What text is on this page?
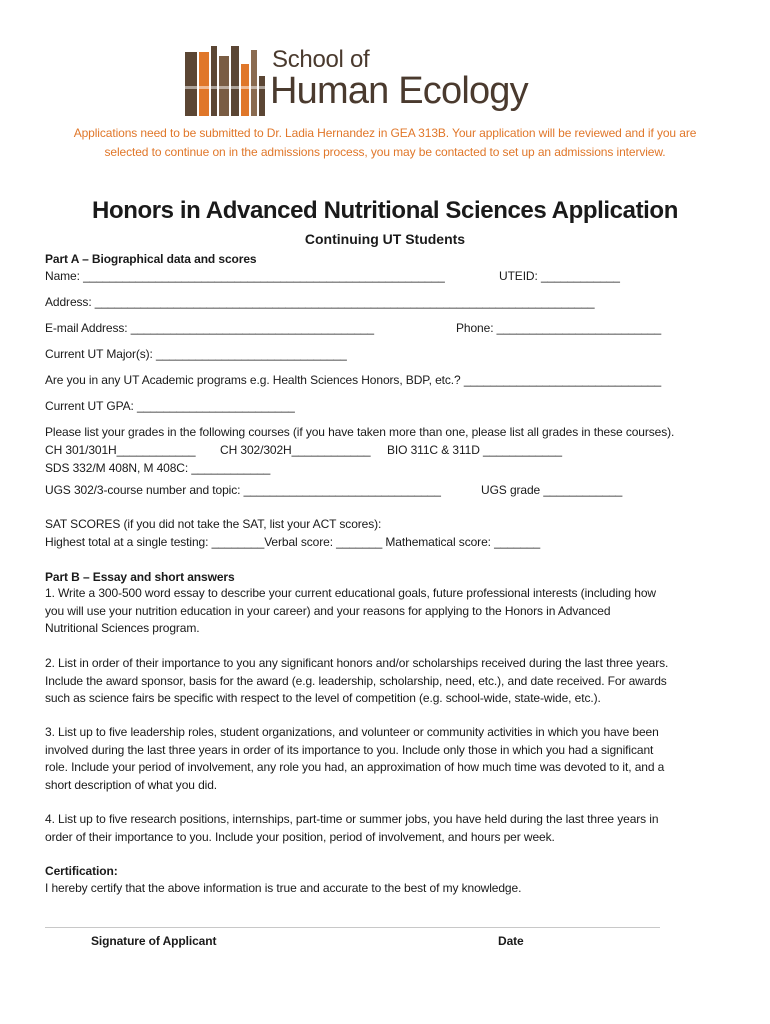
School of
Human Ecology
Applications need to be submitted to Dr. Ladia Hernandez in GEA 313B. Your application will be reviewed and if you are
selected to continue on in the admissions process, you may be contacted to set up an admissions interview.
Honors in Advanced Nutritional Sciences Application
Continuing UT Students
Part A – Biographical data and scores
Name: _______________________________________________________	UTEID: ____________
Address: ____________________________________________________________________________
E-mail Address: _____________________________________	Phone: _________________________
Current UT Major(s): _____________________________
Are you in any UT Academic programs e.g. Health Sciences Honors, BDP, etc.? ______________________________
Current UT GPA: ________________________
Please list your grades in the following courses (if you have taken more than one, please list all grades in these courses).
CH 301/301H____________ CH 302/302H____________ BIO 311C & 311D ____________
SDS 332/M 408N, M 408C: ____________
UGS 302/3-course number and topic: ______________________________	UGS grade ____________
SAT SCORES (if you did not take the SAT, list your ACT scores):
Highest total at a single testing: ________Verbal score: _______ Mathematical score: _______
Part B – Essay and short answers
1. Write a 300-500 word essay to describe your current educational goals, future professional interests (including how
you will use your nutrition education in your career) and your reasons for applying to the Honors in Advanced
Nutritional Sciences program.
2. List in order of their importance to you any significant honors and/or scholarships received during the last three years.
Include the award sponsor, basis for the award (e.g. leadership, scholarship, need, etc.), and date received. For awards
such as science fairs be specific with respect to the level of competition (e.g. school-wide, state-wide, etc.).
3. List up to five leadership roles, student organizations, and volunteer or community activities in which you have been
involved during the last three years in order of its importance to you. Include only those in which you had a significant
role. Include your period of involvement, any role you had, an approximation of how much time was devoted to it, and a
short description of what you did.
4. List up to five research positions, internships, part-time or summer jobs, you have held during the last three years in
order of their importance to you. Include your position, period of involvement, and hours per week.
Certification:
I hereby certify that the above information is true and accurate to the best of my knowledge.
Signature of Applicant	Date
